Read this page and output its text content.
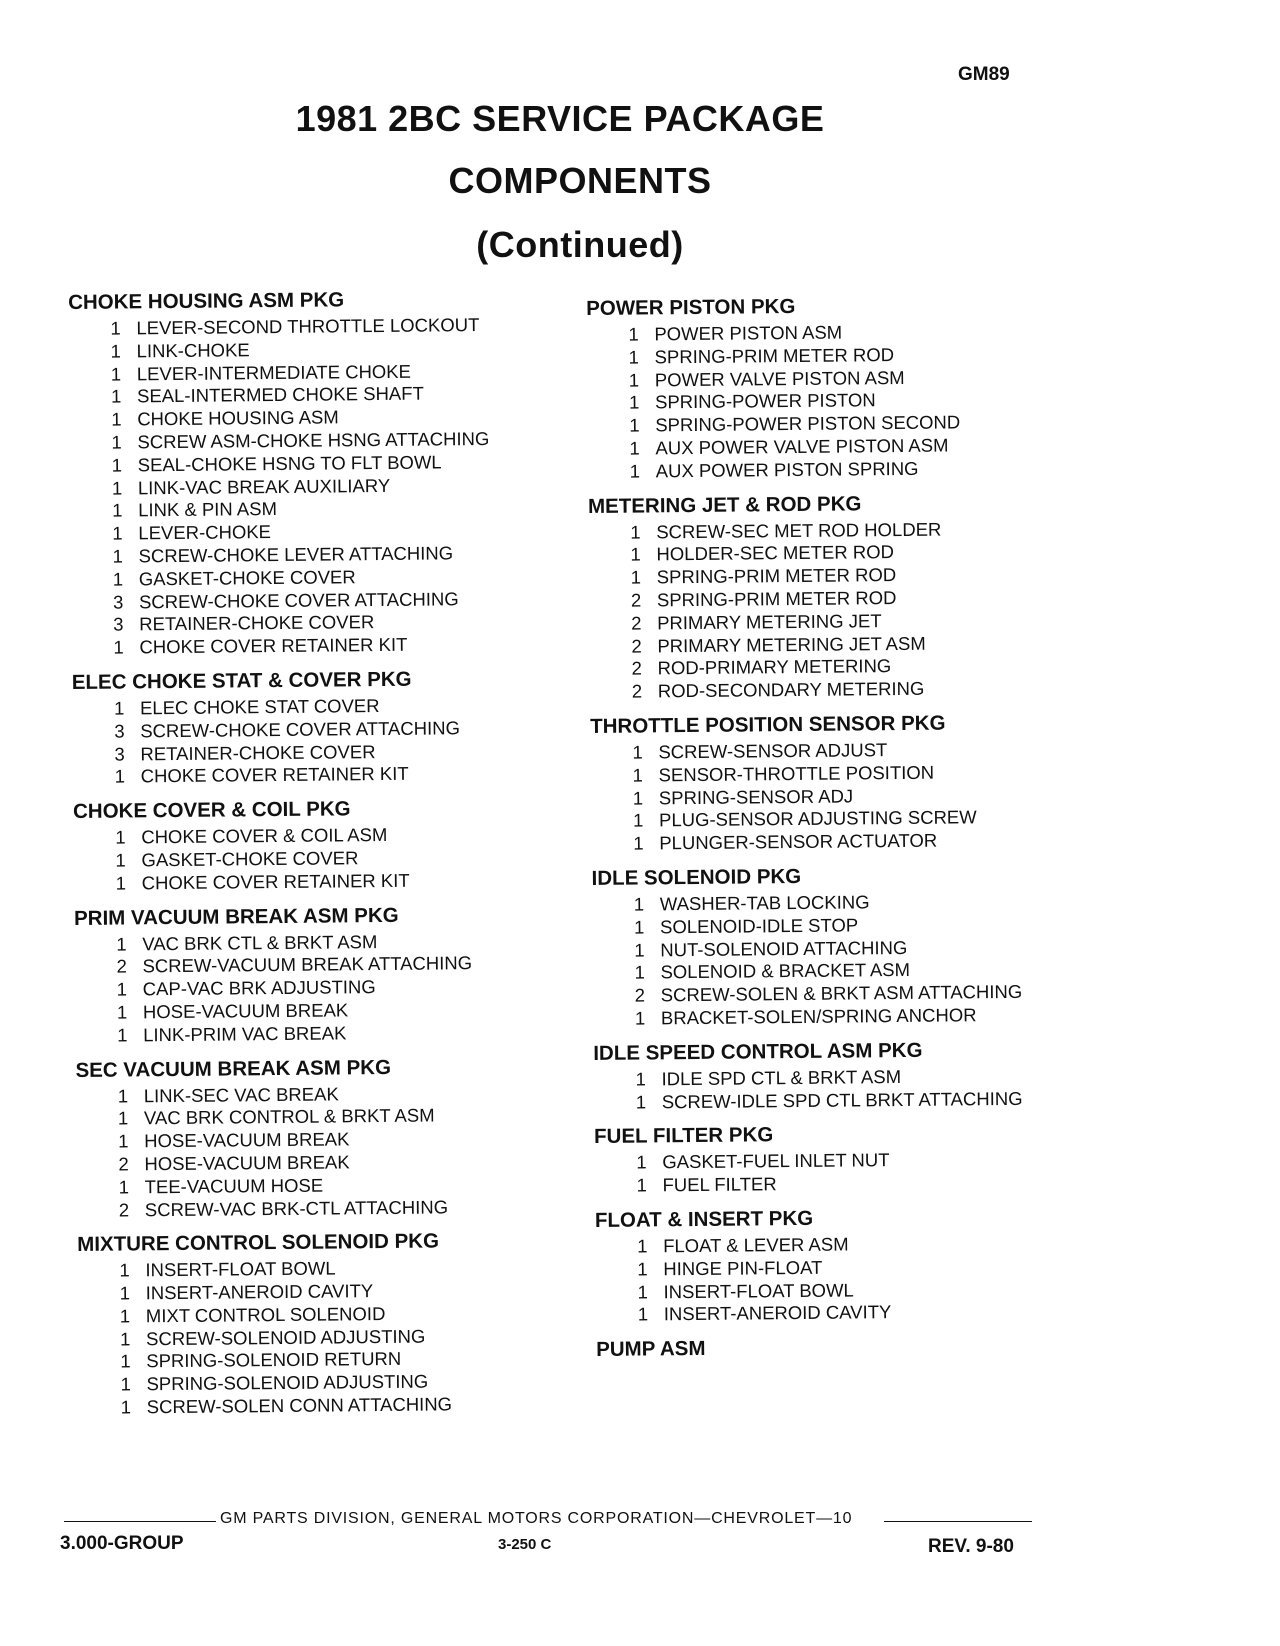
GM89
1981 2BC SERVICE PACKAGE
COMPONENTS
(Continued)
CHOKE HOUSING ASM PKG
1 LEVER-SECOND THROTTLE LOCKOUT
1 LINK-CHOKE
1 LEVER-INTERMEDIATE CHOKE
1 SEAL-INTERMED CHOKE SHAFT
1 CHOKE HOUSING ASM
1 SCREW ASM-CHOKE HSNG ATTACHING
1 SEAL-CHOKE HSNG TO FLT BOWL
1 LINK-VAC BREAK AUXILIARY
1 LINK & PIN ASM
1 LEVER-CHOKE
1 SCREW-CHOKE LEVER ATTACHING
1 GASKET-CHOKE COVER
3 SCREW-CHOKE COVER ATTACHING
3 RETAINER-CHOKE COVER
1 CHOKE COVER RETAINER KIT
ELEC CHOKE STAT & COVER PKG
1 ELEC CHOKE STAT COVER
3 SCREW-CHOKE COVER ATTACHING
3 RETAINER-CHOKE COVER
1 CHOKE COVER RETAINER KIT
CHOKE COVER & COIL PKG
1 CHOKE COVER & COIL ASM
1 GASKET-CHOKE COVER
1 CHOKE COVER RETAINER KIT
PRIM VACUUM BREAK ASM PKG
1 VAC BRK CTL & BRKT ASM
2 SCREW-VACUUM BREAK ATTACHING
1 CAP-VAC BRK ADJUSTING
1 HOSE-VACUUM BREAK
1 LINK-PRIM VAC BREAK
SEC VACUUM BREAK ASM PKG
1 LINK-SEC VAC BREAK
1 VAC BRK CONTROL & BRKT ASM
1 HOSE-VACUUM BREAK
2 HOSE-VACUUM BREAK
1 TEE-VACUUM HOSE
2 SCREW-VAC BRK-CTL ATTACHING
MIXTURE CONTROL SOLENOID PKG
1 INSERT-FLOAT BOWL
1 INSERT-ANEROID CAVITY
1 MIXT CONTROL SOLENOID
1 SCREW-SOLENOID ADJUSTING
1 SPRING-SOLENOID RETURN
1 SPRING-SOLENOID ADJUSTING
1 SCREW-SOLEN CONN ATTACHING
POWER PISTON PKG
1 POWER PISTON ASM
1 SPRING-PRIM METER ROD
1 POWER VALVE PISTON ASM
1 SPRING-POWER PISTON
1 SPRING-POWER PISTON SECOND
1 AUX POWER VALVE PISTON ASM
1 AUX POWER PISTON SPRING
METERING JET & ROD PKG
1 SCREW-SEC MET ROD HOLDER
1 HOLDER-SEC METER ROD
1 SPRING-PRIM METER ROD
2 SPRING-PRIM METER ROD
2 PRIMARY METERING JET
2 PRIMARY METERING JET ASM
2 ROD-PRIMARY METERING
2 ROD-SECONDARY METERING
THROTTLE POSITION SENSOR PKG
1 SCREW-SENSOR ADJUST
1 SENSOR-THROTTLE POSITION
1 SPRING-SENSOR ADJ
1 PLUG-SENSOR ADJUSTING SCREW
1 PLUNGER-SENSOR ACTUATOR
IDLE SOLENOID PKG
1 WASHER-TAB LOCKING
1 SOLENOID-IDLE STOP
1 NUT-SOLENOID ATTACHING
1 SOLENOID & BRACKET ASM
2 SCREW-SOLEN & BRKT ASM ATTACHING
1 BRACKET-SOLEN/SPRING ANCHOR
IDLE SPEED CONTROL ASM PKG
1 IDLE SPD CTL & BRKT ASM
1 SCREW-IDLE SPD CTL BRKT ATTACHING
FUEL FILTER PKG
1 GASKET-FUEL INLET NUT
1 FUEL FILTER
FLOAT & INSERT PKG
1 FLOAT & LEVER ASM
1 HINGE PIN-FLOAT
1 INSERT-FLOAT BOWL
1 INSERT-ANEROID CAVITY
PUMP ASM
GM PARTS DIVISION, GENERAL MOTORS CORPORATION—CHEVROLET—10
3.000-GROUP	3-250 C	REV. 9-80
